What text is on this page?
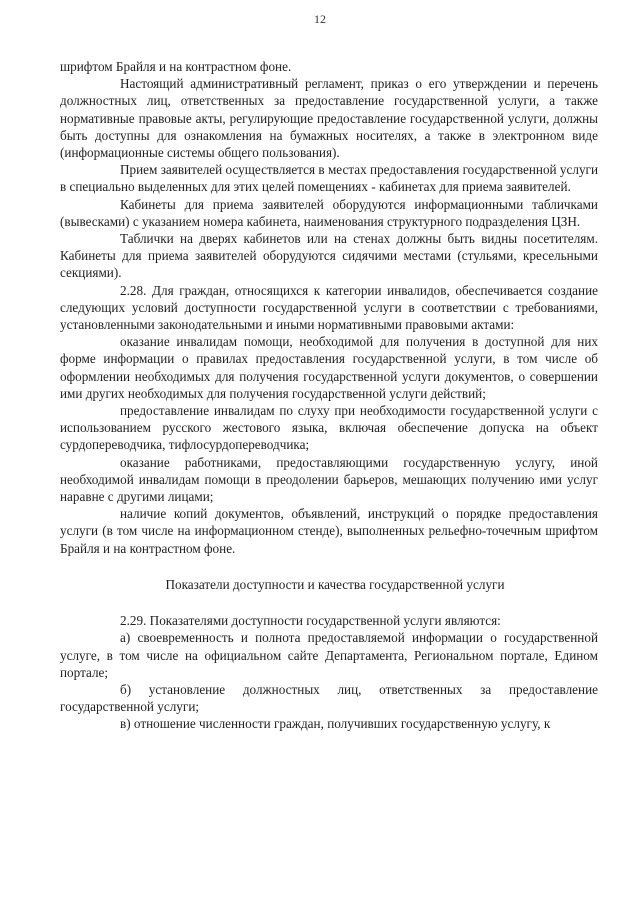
12

шрифтом Брайля и на контрастном фоне.

Настоящий административный регламент, приказ о его утверждении и перечень должностных лиц, ответственных за предоставление государственной услуги, а также нормативные правовые акты, регулирующие предоставление государственной услуги, должны быть доступны для ознакомления на бумажных носителях, а также в электронном виде (информационные системы общего пользования).

Прием заявителей осуществляется в местах предоставления государственной услуги в специально выделенных для этих целей помещениях - кабинетах для приема заявителей.

Кабинеты для приема заявителей оборудуются информационными табличками (вывесками) с указанием номера кабинета, наименования структурного подразделения ЦЗН.

Таблички на дверях кабинетов или на стенах должны быть видны посетителям. Кабинеты для приема заявителей оборудуются сидячими местами (стульями, кресельными секциями).

2.28. Для граждан, относящихся к категории инвалидов, обеспечивается создание следующих условий доступности государственной услуги в соответствии с требованиями, установленными законодательными и иными нормативными правовыми актами:

оказание инвалидам помощи, необходимой для получения в доступной для них форме информации о правилах предоставления государственной услуги, в том числе об оформлении необходимых для получения государственной услуги документов, о совершении ими других необходимых для получения государственной услуги действий;

предоставление инвалидам по слуху при необходимости государственной услуги с использованием русского жестового языка, включая обеспечение допуска на объект сурдопереводчика, тифлосурдопереводчика;

оказание работниками, предоставляющими государственную услугу, иной необходимой инвалидам помощи в преодолении барьеров, мешающих получению ими услуг наравне с другими лицами;

наличие копий документов, объявлений, инструкций о порядке предоставления услуги (в том числе на информационном стенде), выполненных рельефно-точечным шрифтом Брайля и на контрастном фоне.

Показатели доступности и качества государственной услуги

2.29. Показателями доступности государственной услуги являются:

а) своевременность и полнота предоставляемой информации о государственной услуге, в том числе на официальном сайте Департамента, Региональном портале, Едином портале;

б) установление должностных лиц, ответственных за предоставление государственной услуги;

в) отношение численности граждан, получивших государственную услугу, к
